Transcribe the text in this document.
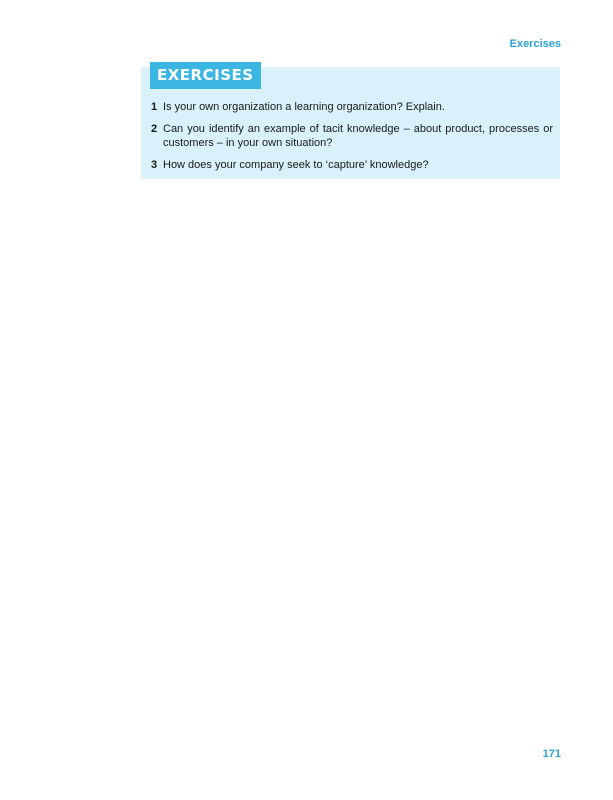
Exercises
EXERCISES
1 Is your own organization a learning organization? Explain.
2 Can you identify an example of tacit knowledge – about product, processes or customers – in your own situation?
3 How does your company seek to ‘capture’ knowledge?
171
